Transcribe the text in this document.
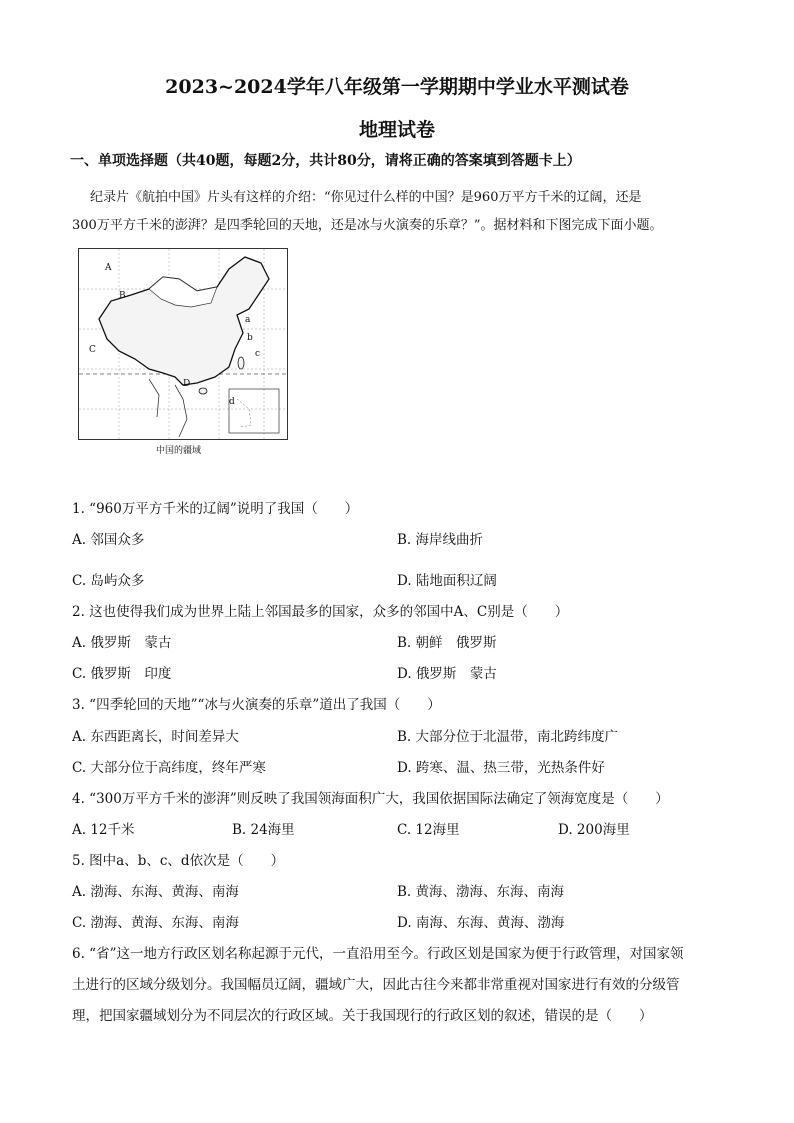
2023~2024学年八年级第一学期期中学业水平测试卷
地理试卷
一、单项选择题（共40题，每题2分，共计80分，请将正确的答案填到答题卡上）
纪录片《航拍中国》片头有这样的介绍：“你见过什么样的中国？是960万平方千米的辽阔，还是
300万平方千米的澎湃？是四季轮回的天地，还是冰与火演奏的乐章？”。据材料和下图完成下面小题。
A
B
C
D
a
b
c
d
中国的疆域
1. “960万平方千米的辽阔”说明了我国（　　）
A. 邻国众多	B. 海岸线曲折
C. 岛屿众多	D. 陆地面积辽阔
2. 这也使得我们成为世界上陆上邻国最多的国家，众多的邻国中A、C别是（　　）
A. 俄罗斯　蒙古	B. 朝鲜　俄罗斯
C. 俄罗斯　印度	D. 俄罗斯　蒙古
3. “四季轮回的天地”“冰与火演奏的乐章”道出了我国（　　）
A. 东西距离长，时间差异大	B. 大部分位于北温带，南北跨纬度广
C. 大部分位于高纬度，终年严寒	D. 跨寒、温、热三带，光热条件好
4. “300万平方千米的澎湃”则反映了我国领海面积广大，我国依据国际法确定了领海宽度是（　　）
A. 12千米	B. 24海里	C. 12海里	D. 200海里
5. 图中a、b、c、d依次是（　　）
A. 渤海、东海、黄海、南海	B. 黄海、渤海、东海、南海
C. 渤海、黄海、东海、南海	D. 南海、东海、黄海、渤海
6. “省”这一地方行政区划名称起源于元代，一直沿用至今。行政区划是国家为便于行政管理，对国家领
土进行的区域分级划分。我国幅员辽阔，疆域广大，因此古往今来都非常重视对国家进行有效的分级管
理，把国家疆域划分为不同层次的行政区域。关于我国现行的行政区划的叙述，错误的是（　　）
